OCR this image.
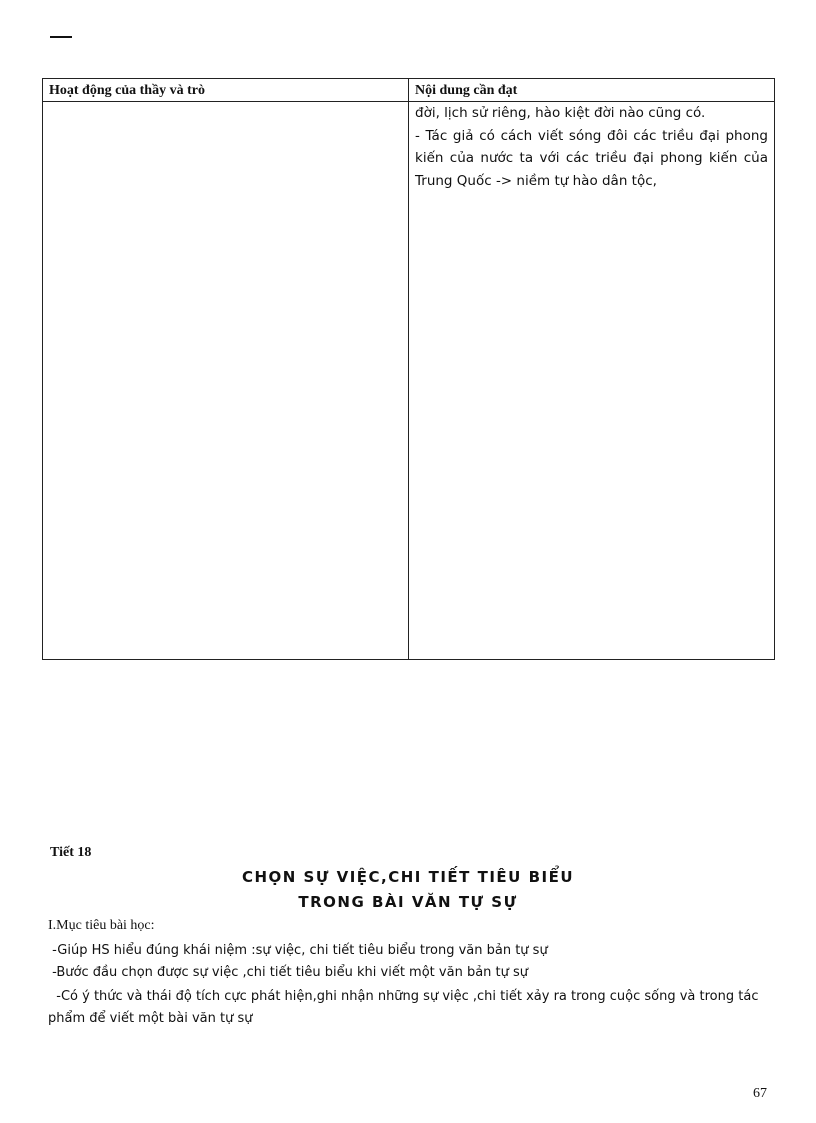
Hoạt động của thầy và trò	Nội dung cần đạt

	đời, lịch sử riêng, hào kiệt đời nào cũng có.

- Tác giả có cách viết sóng đôi các triều đại phong kiến của nước ta với các triều đại phong kiến của Trung Quốc -> niềm tự hào dân tộc,

Tiết 18
CHỌN SỰ VIỆC,CHI TIẾT TIÊU BIỂU
TRONG BÀI VĂN TỰ SỰ
I.Mục tiêu bài học:
-Giúp HS hiểu đúng khái niệm :sự việc, chi tiết tiêu biểu trong văn bản tự sự
-Bước đầu chọn được sự việc ,chi tiết tiêu biểu khi viết một văn bản tự sự
-Có ý thức và thái độ tích cực phát hiện,ghi nhận những sự việc ,chi tiết xảy ra trong cuộc sống và trong tác phẩm để viết một bài văn tự sự
67
